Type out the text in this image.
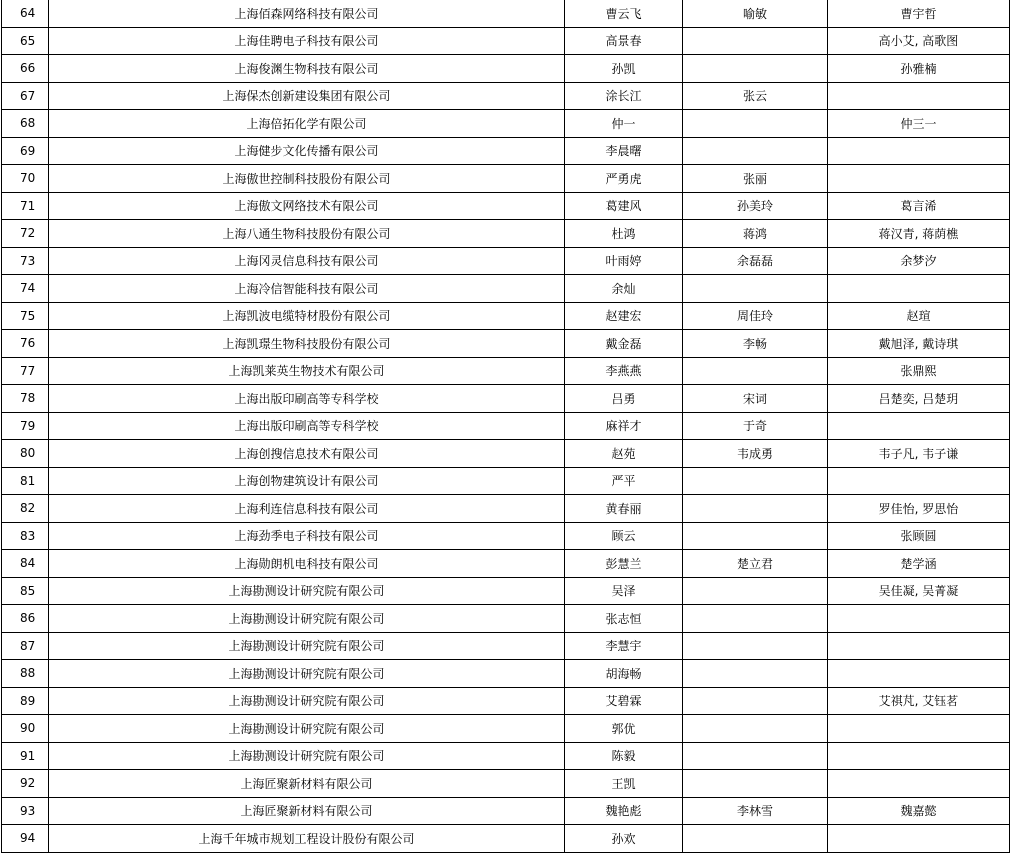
64	上海佰森网络科技有限公司	曹云飞	喻敏	曹宇哲
65	上海佳聘电子科技有限公司	高景春		高小艾, 高歌图
66	上海俊渊生物科技有限公司	孙凯		孙雅楠
67	上海保杰创新建设集团有限公司	涂长江	张云	
68	上海倍拓化学有限公司	仲一		仲三一
69	上海健步文化传播有限公司	李晨曙		
70	上海傲世控制科技股份有限公司	严勇虎	张丽	
71	上海傲文网络技术有限公司	葛建风	孙美玲	葛言浠
72	上海八通生物科技股份有限公司	杜鸿	蒋鸿	蒋汉青, 蒋荫樵
73	上海冈灵信息科技有限公司	叶雨婷	余磊磊	余梦汐
74	上海冷信智能科技有限公司	余灿		
75	上海凯波电缆特材股份有限公司	赵建宏	周佳玲	赵瑄
76	上海凯璟生物科技股份有限公司	戴金磊	李畅	戴旭泽, 戴诗琪
77	上海凯莱英生物技术有限公司	李燕燕		张鼎熙
78	上海出版印刷高等专科学校	吕勇	宋词	吕楚奕, 吕楚玥
79	上海出版印刷高等专科学校	麻祥才	于奇	
80	上海创搜信息技术有限公司	赵苑	韦成勇	韦子凡, 韦子谦
81	上海创物建筑设计有限公司	严平		
82	上海利连信息科技有限公司	黄春丽		罗佳怡, 罗思怡
83	上海劲季电子科技有限公司	顾云		张顾圆
84	上海勋朗机电科技有限公司	彭慧兰	楚立君	楚学涵
85	上海勘测设计研究院有限公司	吴泽		吴佳凝, 吴菁凝
86	上海勘测设计研究院有限公司	张志恒		
87	上海勘测设计研究院有限公司	李慧宇		
88	上海勘测设计研究院有限公司	胡海畅		
89	上海勘测设计研究院有限公司	艾碧霖		艾祺芃, 艾钰茗
90	上海勘测设计研究院有限公司	郭优		
91	上海勘测设计研究院有限公司	陈毅		
92	上海匠聚新材料有限公司	王凯		
93	上海匠聚新材料有限公司	魏艳彪	李林雪	魏嘉懿
94	上海千年城市规划工程设计股份有限公司	孙欢		
